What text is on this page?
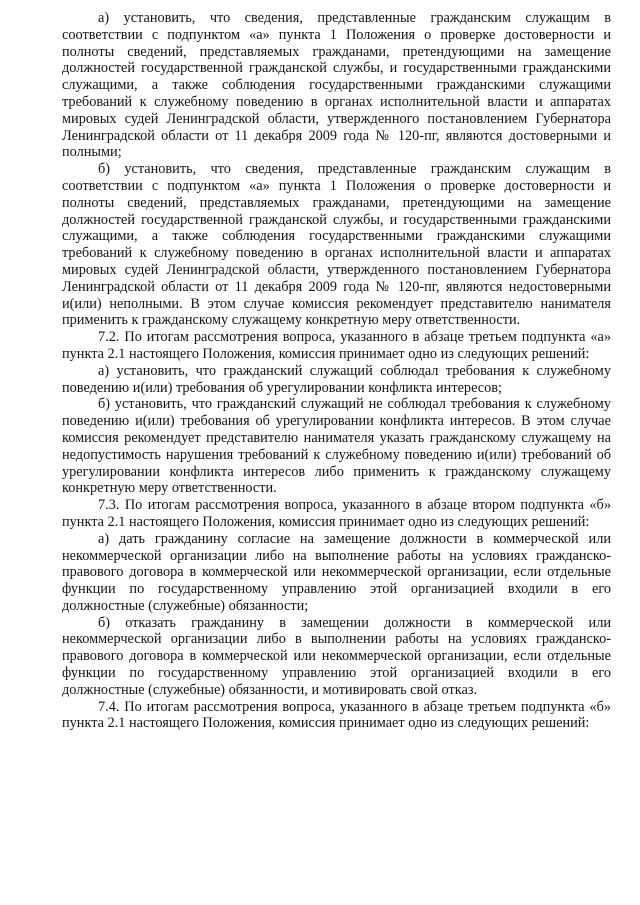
а) установить, что сведения, представленные гражданским служащим в соответствии с подпунктом «а» пункта 1 Положения о проверке достоверности и полноты сведений, представляемых гражданами, претендующими на замещение должностей государственной гражданской службы, и государственными гражданскими служащими, а также соблюдения государственными гражданскими служащими требований к служебному поведению в органах исполнительной власти и аппаратах мировых судей Ленинградской области, утвержденного постановлением Губернатора Ленинградской области от 11 декабря 2009 года № 120-пг, являются достоверными и полными;

б) установить, что сведения, представленные гражданским служащим в соответствии с подпунктом «а» пункта 1 Положения о проверке достоверности и полноты сведений, представляемых гражданами, претендующими на замещение должностей государственной гражданской службы, и государственными гражданскими служащими, а также соблюдения государственными гражданскими служащими требований к служебному поведению в органах исполнительной власти и аппаратах мировых судей Ленинградской области, утвержденного постановлением Губернатора Ленинградской области от 11 декабря 2009 года № 120-пг, являются недостоверными и(или) неполными. В этом случае комиссия рекомендует представителю нанимателя применить к гражданскому служащему конкретную меру ответственности.

7.2. По итогам рассмотрения вопроса, указанного в абзаце третьем подпункта «а» пункта 2.1 настоящего Положения, комиссия принимает одно из следующих решений:

а) установить, что гражданский служащий соблюдал требования к служебному поведению и(или) требования об урегулировании конфликта интересов;

б) установить, что гражданский служащий не соблюдал требования к служебному поведению и(или) требования об урегулировании конфликта интересов. В этом случае комиссия рекомендует представителю нанимателя указать гражданскому служащему на недопустимость нарушения требований к служебному поведению и(или) требований об урегулировании конфликта интересов либо применить к гражданскому служащему конкретную меру ответственности.

7.3. По итогам рассмотрения вопроса, указанного в абзаце втором подпункта «б» пункта 2.1 настоящего Положения, комиссия принимает одно из следующих решений:

а) дать гражданину согласие на замещение должности в коммерческой или некоммерческой организации либо на выполнение работы на условиях гражданско-правового договора в коммерческой или некоммерческой организации, если отдельные функции по государственному управлению этой организацией входили в его должностные (служебные) обязанности;

б) отказать гражданину в замещении должности в коммерческой или некоммерческой организации либо в выполнении работы на условиях гражданско-правового договора в коммерческой или некоммерческой организации, если отдельные функции по государственному управлению этой организацией входили в его должностные (служебные) обязанности, и мотивировать свой отказ.

7.4. По итогам рассмотрения вопроса, указанного в абзаце третьем подпункта «б» пункта 2.1 настоящего Положения, комиссия принимает одно из следующих решений:
